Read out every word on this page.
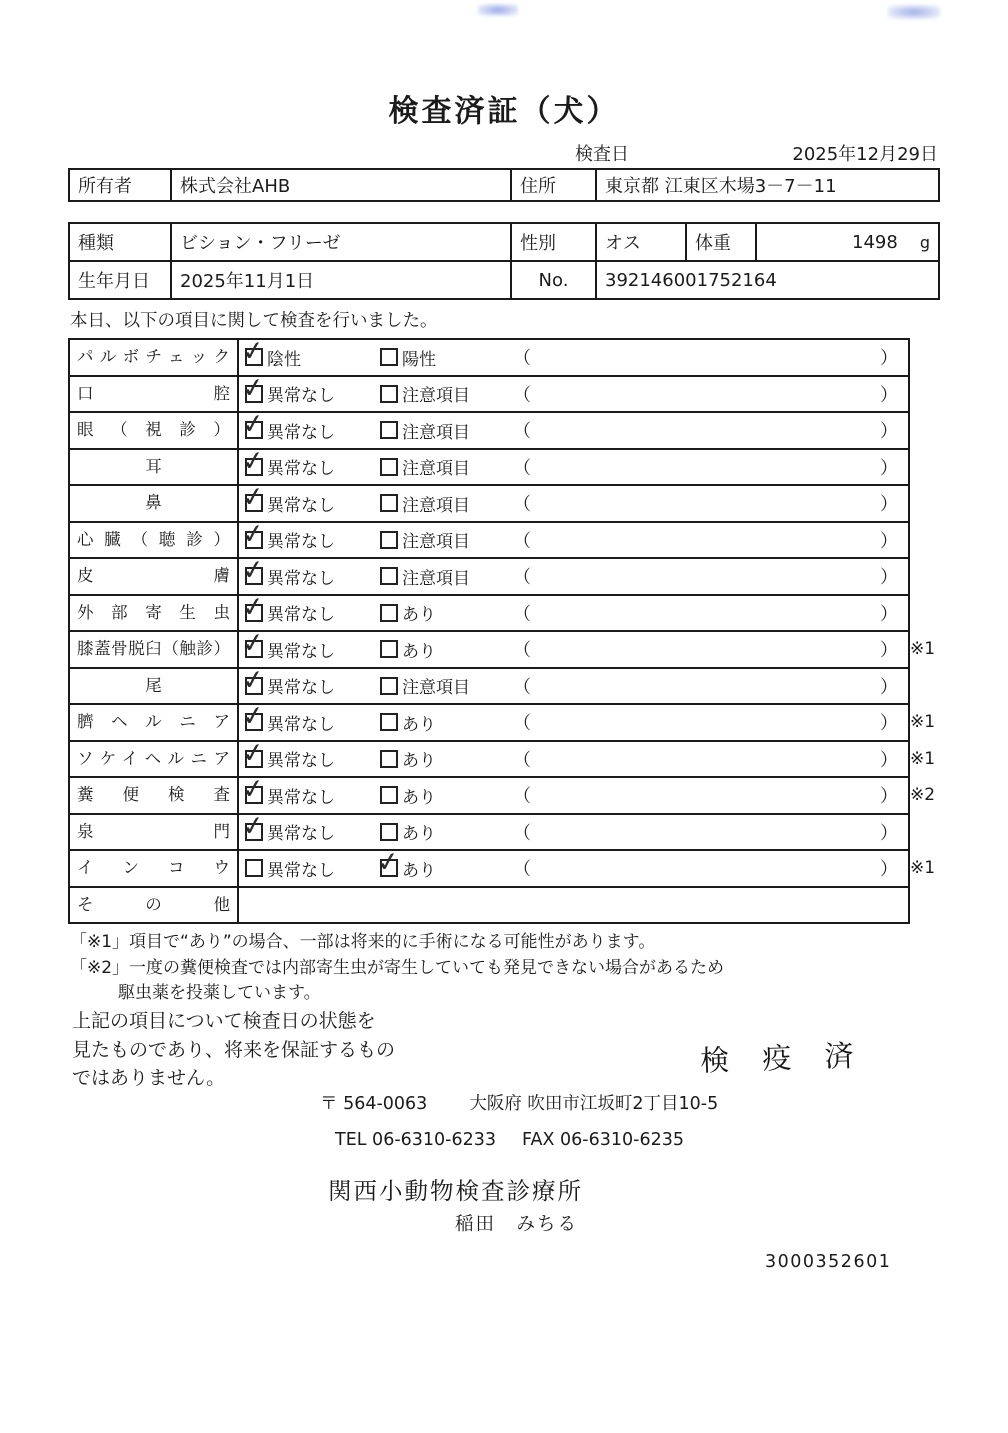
検査済証（犬）
検査日	2025年12月29日
所有者	株式会社AHB	住所	東京都 江東区木場3－7－11
種類	ビション・フリーゼ	性別	オス	体重	1498 g
生年月日	2025年11月1日	No.	392146001752164		
本日、以下の項目に関して検査を行いました。
パルボチェック ✓	陰性	陽性	（	）
口腔 ✓	異常なし	注意項目 （	）
眼（視診） ✓	異常なし	注意項目 （	）
耳 ✓	異常なし	注意項目 （	）
鼻 ✓	異常なし	注意項目 （	）
心臓（聴診） ✓	異常なし	注意項目 （	）
皮膚 ✓	異常なし	注意項目 （	）
外部寄生虫 ✓	異常なし	あり	（	）
膝蓋骨脱臼（触診） ✓	異常なし	あり	（	） ※1
尾 ✓	異常なし	注意項目 （	）
臍ヘルニア ✓	異常なし	あり	（	） ※1
ソケイヘルニア ✓	異常なし	あり	（	） ※1
糞便検査 ✓	異常なし	あり	（	） ※2
泉門 ✓	異常なし	あり	（	）
インコウ	異常なし ✓	あり	（	） ※1
その他
「※1」項目で“あり”の場合、一部は将来的に手術になる可能性があります。
「※2」一度の糞便検査では内部寄生虫が寄生していても発見できない場合があるため
駆虫薬を投薬しています。
上記の項目について検査日の状態を
見たものであり、将来を保証するもの
ではありません。
検 疫 済
〒 564-0063 大阪府 吹田市江坂町2丁目10-5
TEL 06-6310-6233 FAX 06-6310-6235
関西小動物検査診療所
稲田　みちる
3000352601
